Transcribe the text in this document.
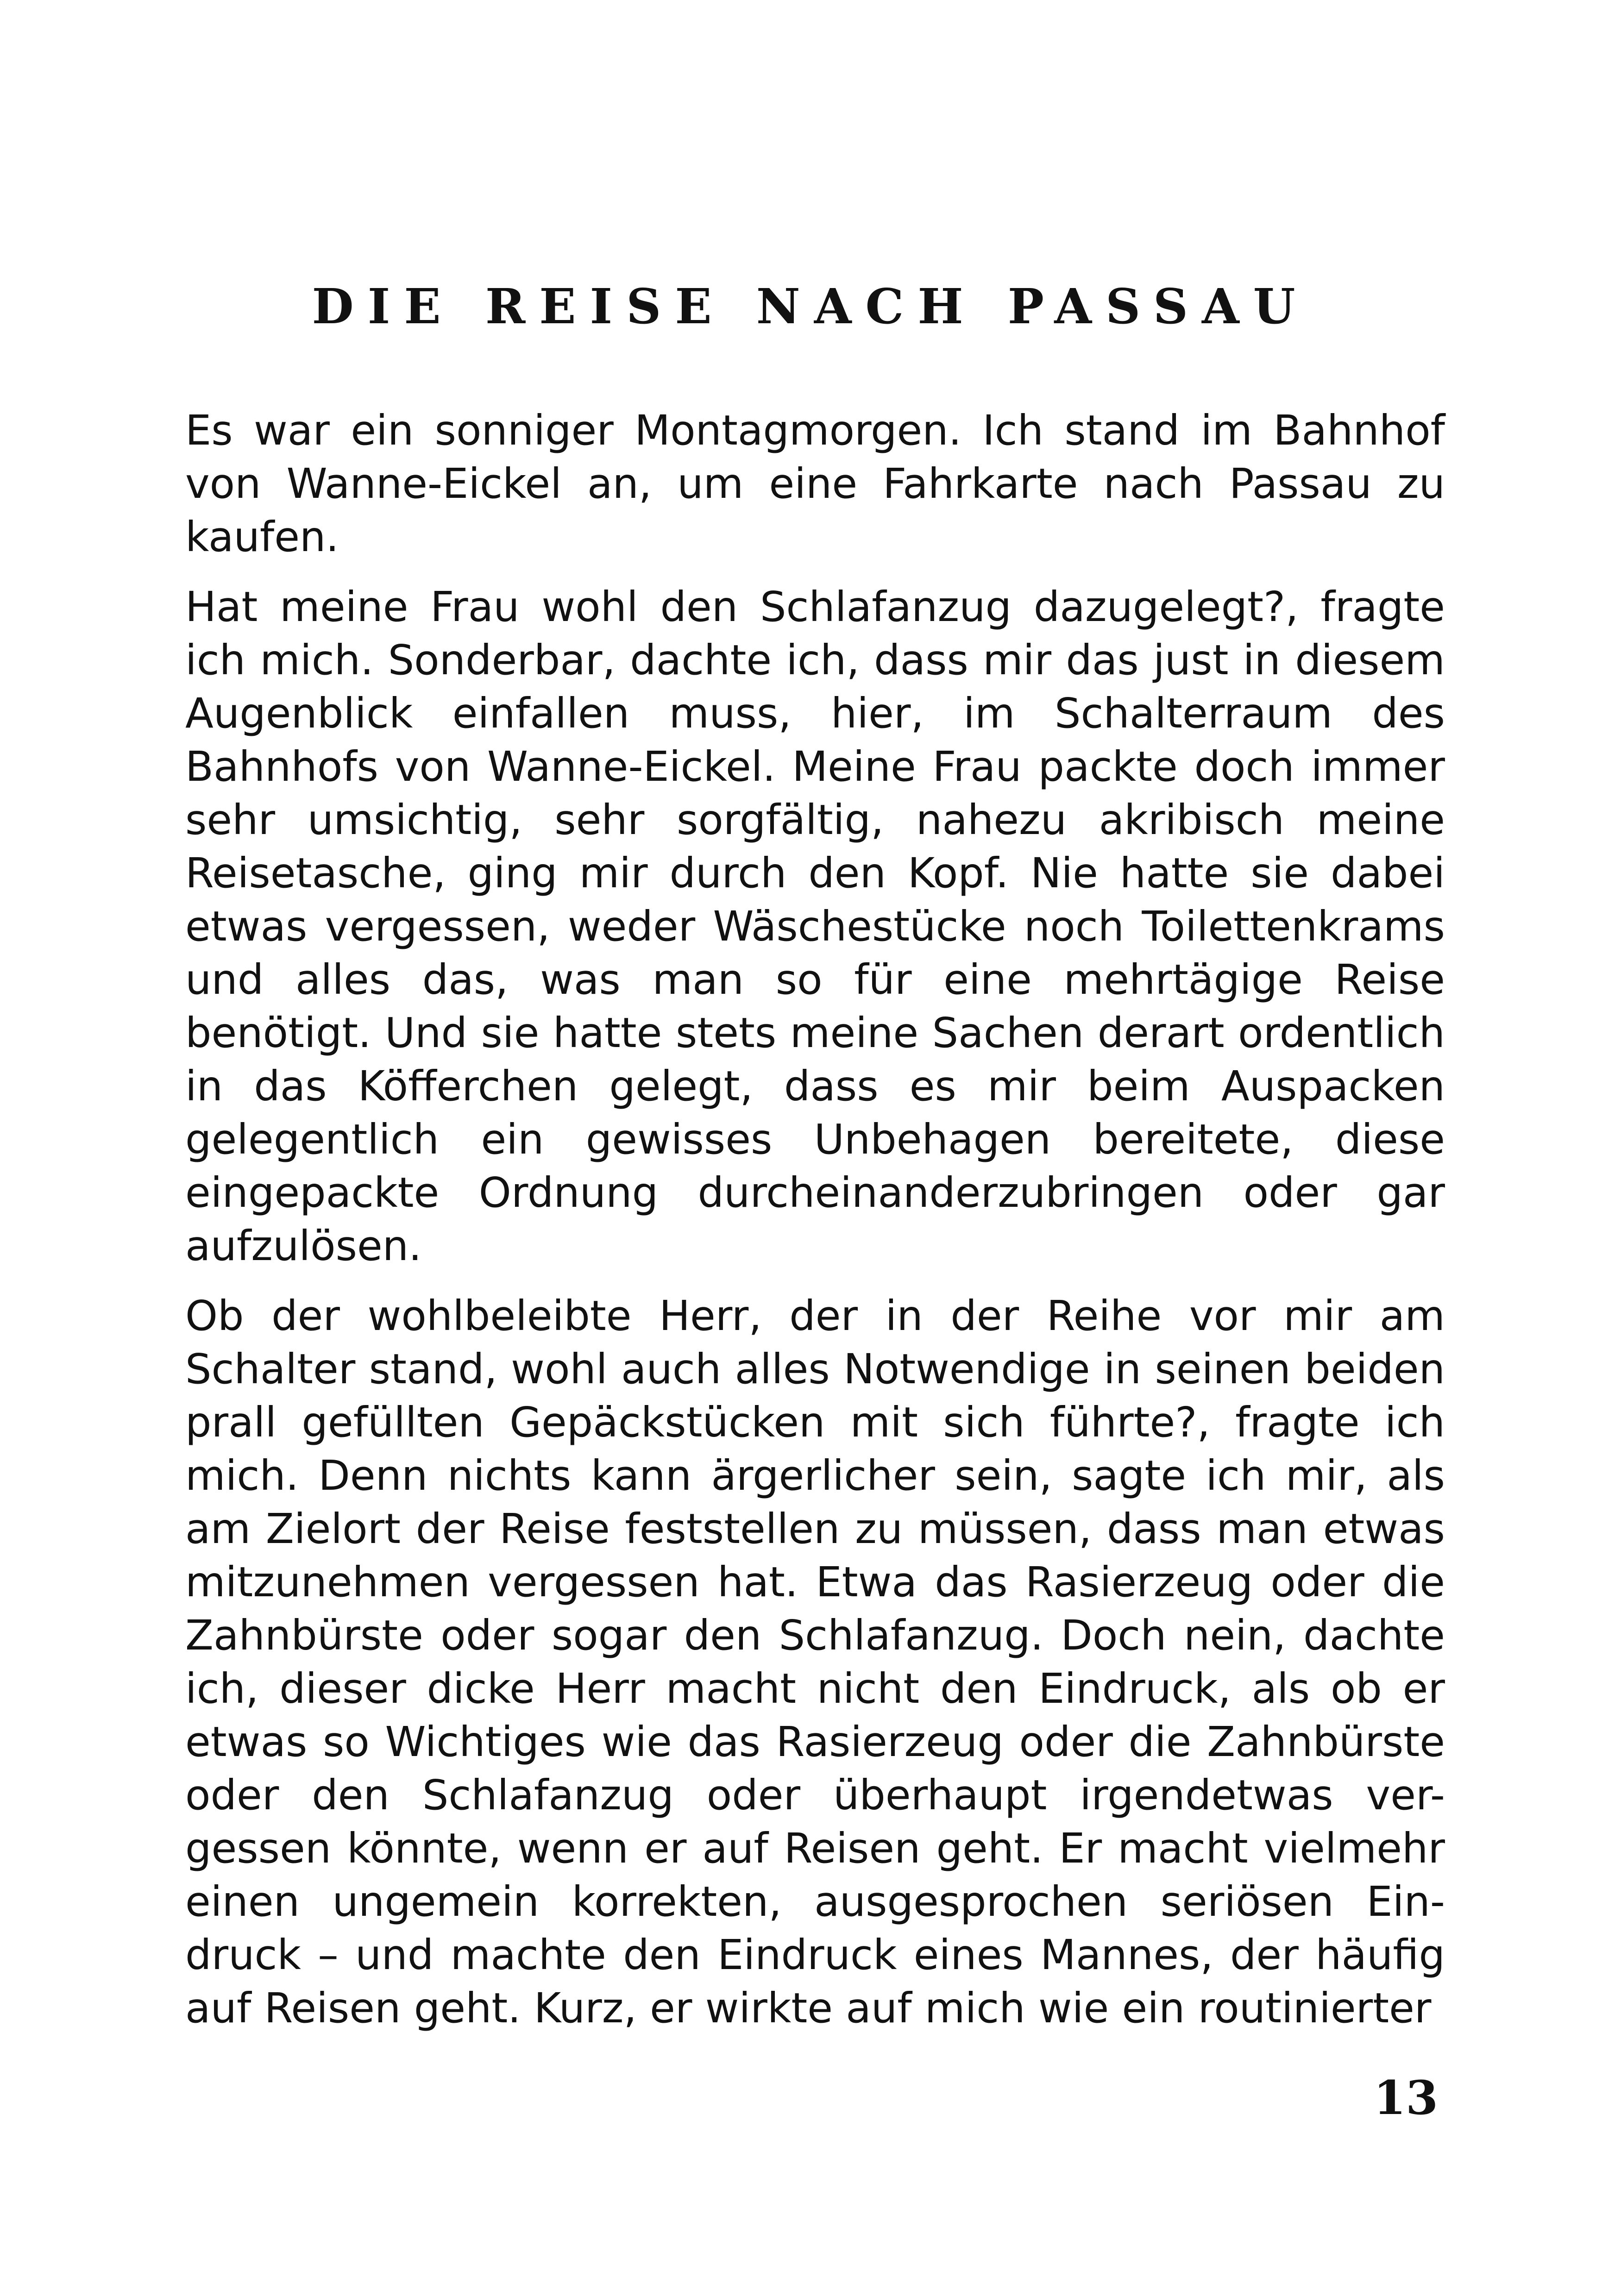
DIE REISE NACH PASSAU

Es war ein sonniger Montagmorgen. Ich stand im Bahnhof von Wanne-Eickel an, um eine Fahrkarte nach Passau zu kaufen.

Hat meine Frau wohl den Schlafanzug dazugelegt?, fragte ich mich. Sonderbar, dachte ich, dass mir das just in diesem Augenblick einfallen muss, hier, im Schalterraum des Bahnhofs von Wanne-Eickel. Meine Frau packte doch immer sehr umsichtig, sehr sorgfältig, nahezu akribisch meine Reisetasche, ging mir durch den Kopf. Nie hatte sie dabei etwas vergessen, weder Wäschestücke noch Toilettenkrams und alles das, was man so für eine mehrtägige Reise benötigt. Und sie hatte stets meine Sachen derart ordentlich in das Köfferchen gelegt, dass es mir beim Auspacken gelegentlich ein gewisses Unbehagen bereitete, diese eingepackte Ordnung durcheinanderzubringen oder gar aufzulösen.

Ob der wohlbeleibte Herr, der in der Reihe vor mir am Schalter stand, wohl auch alles Notwendige in seinen beiden prall gefüllten Gepäckstücken mit sich führte?, fragte ich mich. Denn nichts kann ärgerlicher sein, sagte ich mir, als am Zielort der Reise feststellen zu müssen, dass man etwas mitzunehmen vergessen hat. Etwa das Rasierzeug oder die Zahnbürste oder sogar den Schlafanzug. Doch nein, dachte ich, dieser dicke Herr macht nicht den Eindruck, als ob er etwas so Wichtiges wie das Rasierzeug oder die Zahnbürste oder den Schlafanzug oder überhaupt irgendetwas ver-gessen könnte, wenn er auf Reisen geht. Er macht vielmehr einen ungemein korrekten, ausgesprochen seriösen Ein-druck – und machte den Eindruck eines Mannes, der häufig auf Reisen geht. Kurz, er wirkte auf mich wie ein routinierter

13
